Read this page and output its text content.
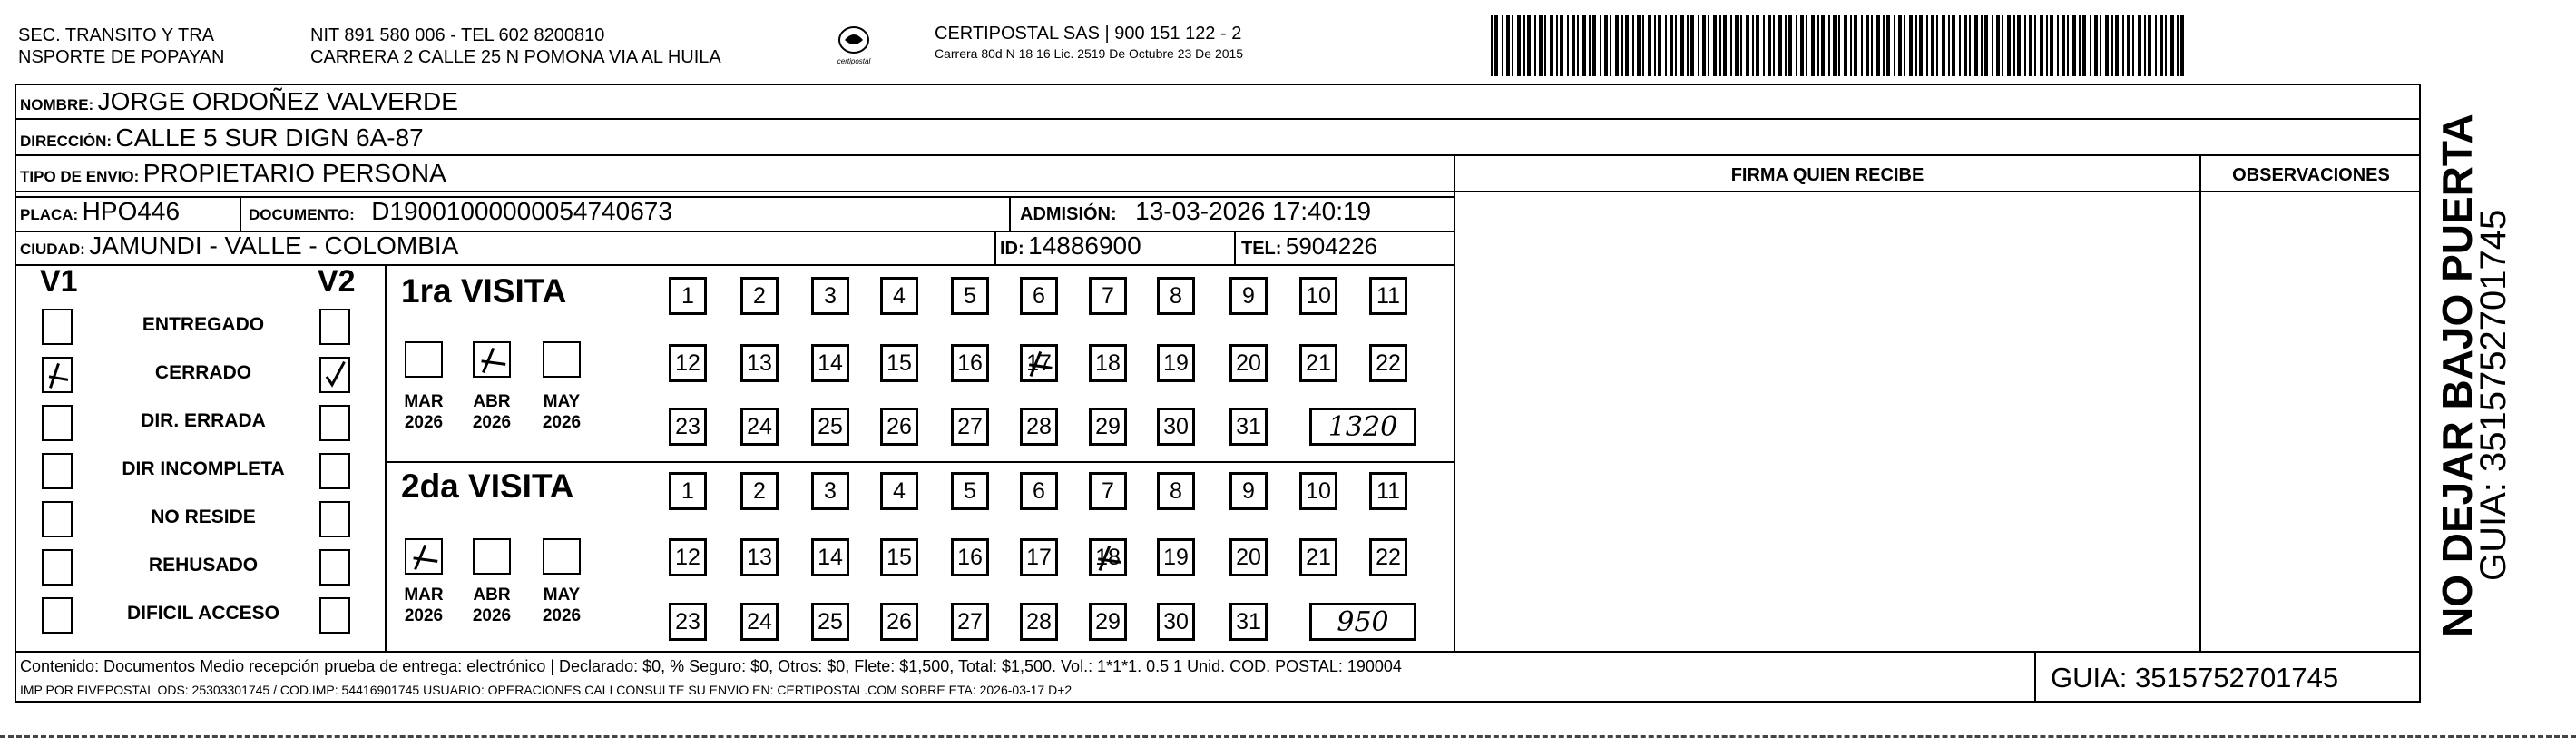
SEC. TRANSITO Y TRA
NSPORTE DE POPAYAN
NIT 891 580 006 - TEL 602 8200810
CARRERA 2 CALLE 25 N POMONA VIA AL HUILA	certipostal
CERTIPOSTAL SAS | 900 151 122 - 2
Carrera 80d N 18 16 Lic. 2519 De Octubre 23 De 2015
NOMBRE: JORGE ORDOÑEZ VALVERDE
DIRECCIÓN: CALLE 5 SUR DIGN 6A-87
TIPO DE ENVIO: PROPIETARIO PERSONA	FIRMA QUIEN RECIBE	OBSERVACIONES
PLACA: HPO446	DOCUMENTO: D19001000000054740673	ADMISIÓN: 13-03-2026 17:40:19
CIUDAD: JAMUNDI - VALLE - COLOMBIA	ID: 14886900	TEL: 5904226
V1	V2
ENTREGADO
CERRADO
DIR. ERRADA
DIR INCOMPLETA
NO RESIDE
REHUSADO
DIFICIL ACCESO
1ra VISITA
2da VISITA
1	2	3	4	5	6	7	8	9	10	11
12 13 14 15 16 17 18 19 20 21 22
23 24 25 26 27 28 29 30 31	1320
1	2	3	4	5	6	7	8	9	10	11
12 13 14 15 16 17 18 19 20 21 22
23 24 25 26 27 28 29 30 31	950
MAR
2026
ABR
2026
MAY
2026
MAR
2026
ABR
2026
MAY
2026
Contenido: Documentos Medio recepción prueba de entrega: electrónico | Declarado: $0, % Seguro: $0, Otros: $0, Flete: $1,500, Total: $1,500. Vol.: 1*1*1. 0.5 1 Unid. COD. POSTAL: 190004
IMP POR FIVEPOSTAL ODS: 25303301745 / COD.IMP: 54416901745 USUARIO: OPERACIONES.CALI CONSULTE SU ENVIO EN: CERTIPOSTAL.COM SOBRE ETA: 2026-03-17 D+2	GUIA: 3515752701745
NO DEJAR BAJO PUERTA
GUIA: 3515752701745
